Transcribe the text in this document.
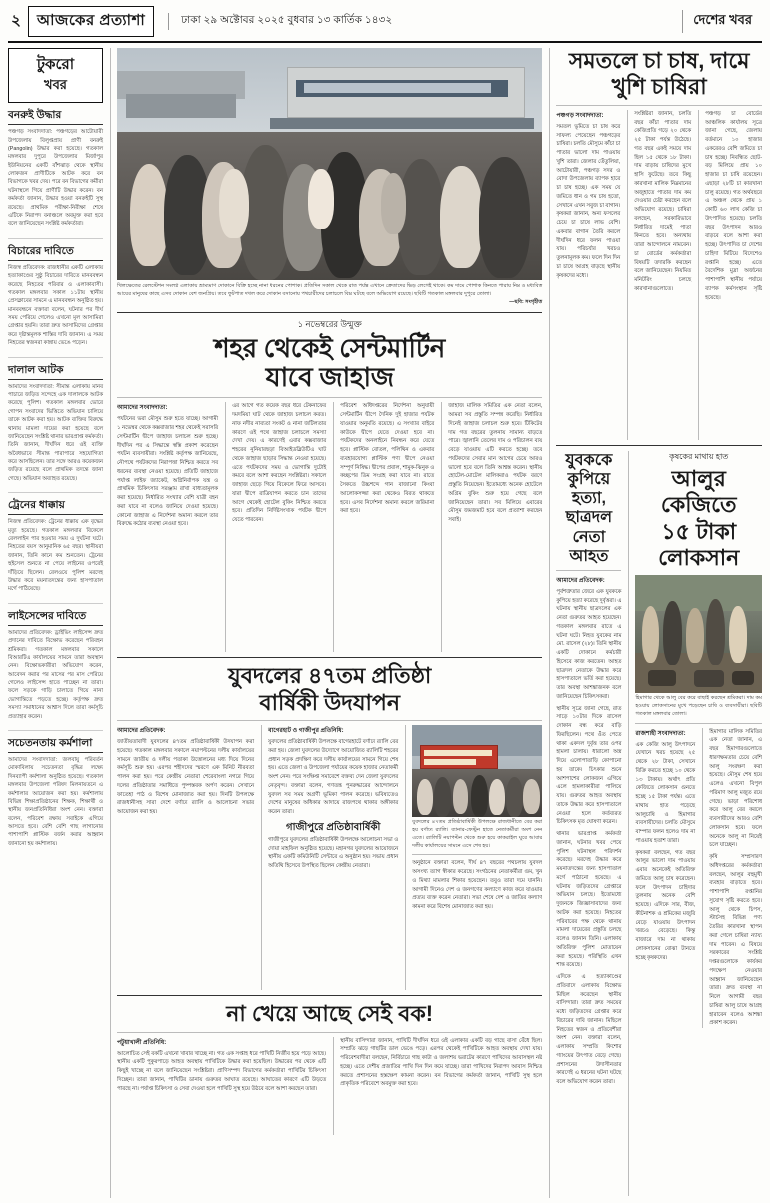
২	আজকের প্রত্যাশা	ঢাকা ২৯ অক্টোবর ২০২৫ বুধবার ১৩ কার্তিক ১৪৩২	দেশের খবর
টুকরো
খবর
বনরুই উদ্ধার
পঞ্চগড় সংবাদদাতা: পঞ্চগড়ের আটোয়ারী উপজেলায় বিলুপ্তপ্রায় প্রাণী বনরুই (Pangolin) উদ্ধার করা হয়েছে। গতকাল মঙ্গলবার দুপুরে উপজেলার মির্জাপুর ইউনিয়নের একটি বাঁশঝাড় থেকে স্থানীয় লোকজন প্রাণীটিকে আটক করে বন বিভাগকে খবর দেয়। পরে বন বিভাগের কর্মীরা ঘটনাস্থলে গিয়ে প্রাণীটি উদ্ধার করেন। বন কর্মকর্তা জানান, উদ্ধার হওয়া বনরুইটি সুস্থ রয়েছে। প্রাথমিক পরীক্ষা-নিরীক্ষা শেষে এটিকে নিরাপদ বনাঞ্চলে অবমুক্ত করা হবে বলে জানিয়েছেন সংশ্লিষ্ট কর্মকর্তারা।
বিচারের দাবিতে
নিজস্ব প্রতিবেদক: রাজধানীর একটি এলাকায় হত্যাকাণ্ডের সুষ্ঠু বিচারের দাবিতে মানববন্ধন করেছে নিহতের পরিবার ও এলাকাবাসী। গতকাল মঙ্গলবার সকাল ১১টায় স্থানীয় প্রেসক্লাবের সামনে এ মানববন্ধন অনুষ্ঠিত হয়। মানববন্ধনে বক্তারা বলেন, ঘটনার পর দীর্ঘ সময় পেরিয়ে গেলেও এখনো মূল আসামিরা গ্রেপ্তার হয়নি। তারা দ্রুত আসামিদের গ্রেপ্তার করে দৃষ্টান্তমূলক শাস্তির দাবি জানান। এ সময় নিহতের স্বজনরা কান্নায় ভেঙে পড়েন।
দালাল আটক
আমাদের সংবাদদাতা: সীমান্ত এলাকায় মানব পাচারে জড়িত সন্দেহে এক দালালকে আটক করেছে পুলিশ। গতকাল মঙ্গলবার ভোরে গোপন সংবাদের ভিত্তিতে অভিযান চালিয়ে তাকে আটক করা হয়। আটক ব্যক্তির বিরুদ্ধে থানায় মামলা দায়ের করা হয়েছে বলে জানিয়েছেন সংশ্লিষ্ট থানার ভারপ্রাপ্ত কর্মকর্তা। তিনি জানান, দীর্ঘদিন ধরে ওই ব্যক্তি অবৈধভাবে সীমান্ত পারাপারে সহযোগিতা করে আসছিলেন। তার সঙ্গে আরও কয়েকজন জড়িত রয়েছে বলে প্রাথমিক তদন্তে জানা গেছে। অভিযান অব্যাহত রয়েছে।
ট্রেনের ধাক্কায়
নিজস্ব প্রতিবেদক: ট্রেনের ধাক্কায় এক বৃদ্ধের মৃত্যু হয়েছে। গতকাল মঙ্গলবার বিকেলে রেললাইন পার হওয়ার সময় এ দুর্ঘটনা ঘটে। নিহতের বয়স আনুমানিক ৬৫ বছর। স্থানীয়রা জানান, তিনি কানে কম শুনতেন। ট্রেনের হুইসেল শুনতে না পেয়ে লাইনের ওপরেই দাঁড়িয়ে ছিলেন। রেলওয়ে পুলিশ মরদেহ উদ্ধার করে ময়নাতদন্তের জন্য হাসপাতাল মর্গে পাঠিয়েছে।
লাইসেন্সের দাবিতে
আমাদের প্রতিবেদক: ড্রাইভিং লাইসেন্স দ্রুত প্রদানের দাবিতে বিক্ষোভ করেছেন পরিবহন শ্রমিকরা। গতকাল মঙ্গলবার সকালে বিআরটিএ কার্যালয়ের সামনে তারা অবস্থান নেন। বিক্ষোভকারীরা অভিযোগ করেন, আবেদন করার পর মাসের পর মাস পেরিয়ে গেলেও লাইসেন্স হাতে পাচ্ছেন না তারা। ফলে সড়কে গাড়ি চালাতে গিয়ে নানা ভোগান্তিতে পড়তে হচ্ছে। কর্তৃপক্ষ দ্রুত সমস্যা সমাধানের আশ্বাস দিলে তারা কর্মসূচি প্রত্যাহার করেন।
সচেতনতায় কর্মশালা
আমাদের সংবাদদাতা: জলবায়ু পরিবর্তন মোকাবিলায় সচেতনতা বৃদ্ধির লক্ষ্যে দিনব্যাপী কর্মশালা অনুষ্ঠিত হয়েছে। গতকাল মঙ্গলবার উপজেলা পরিষদ মিলনায়তনে এ কর্মশালার আয়োজন করা হয়। কর্মশালায় বিভিন্ন শিক্ষাপ্রতিষ্ঠানের শিক্ষক, শিক্ষার্থী ও স্থানীয় জনপ্রতিনিধিরা অংশ নেন। বক্তারা বলেন, পরিবেশ রক্ষায় সবাইকে এগিয়ে আসতে হবে। বেশি বেশি গাছ লাগানোর পাশাপাশি প্লাস্টিক বর্জন করার আহ্বান জানানো হয় কর্মশালায়।
খিলক্ষেতের রেলস্টেশন সংলগ্ন এলাকায় ভ্রাম্যমাণ দোকানে বিক্রি হচ্ছে নানা ধরনের পোশাক। প্রতিদিন সকাল থেকে রাত পর্যন্ত এখানে ক্রেতাদের ভিড় লেগেই থাকে। কম দামে পোশাক কিনতে পারায় নিম্ন ও মধ্যবিত্ত আয়ের মানুষের কাছে এসব দোকান বেশ জনপ্রিয়। তবে ফুটপাত দখল করে দোকান বসানোয় পথচারীদের চলাচলে বিঘ্ন ঘটছে বলে অভিযোগ রয়েছে। ছবিটি গতকাল মঙ্গলবার দুপুরে তোলা।
—ছবি: সংগৃহীত
১ নভেম্বরের উন্মুক্ত
শহর থেকেই সেন্টমার্টিন
যাবে জাহাজ
আমাদের সংবাদদাতা:
পর্যটনের ভরা মৌসুম শুরু হতে যাচ্ছে। আগামী ১ নভেম্বর থেকে কক্সবাজার শহর থেকেই সরাসরি সেন্টমার্টিন দ্বীপে জাহাজ চলাচল শুরু হচ্ছে। দীর্ঘদিন পর এ সিদ্ধান্তে স্বস্তি প্রকাশ করেছেন পর্যটন ব্যবসায়ীরা। সংশ্লিষ্ট কর্তৃপক্ষ জানিয়েছে, নৌপথে পর্যটকদের নিরাপত্তা নিশ্চিত করতে সব ধরনের ব্যবস্থা নেওয়া হয়েছে। প্রতিটি জাহাজে পর্যাপ্ত লাইফ জ্যাকেট, অগ্নিনির্বাপক যন্ত্র ও প্রাথমিক চিকিৎসার সরঞ্জাম রাখা বাধ্যতামূলক করা হয়েছে। নির্ধারিত সংখ্যার বেশি যাত্রী বহন করা যাবে না বলেও জানিয়ে দেওয়া হয়েছে। কোনো জাহাজ এ নির্দেশনা অমান্য করলে তার বিরুদ্ধে কঠোর ব্যবস্থা নেওয়া হবে।
এর আগে গত কয়েক বছর ধরে টেকনাফের দমদমিয়া ঘাট থেকে জাহাজ চলাচল করত। নাফ নদীর নাব্যতা সংকট ও নানা জটিলতার কারণে ওই পথে জাহাজ চলাচলে সমস্যা দেখা দেয়। এ কারণেই এবার কক্সবাজার শহরের নুনিয়ারছড়া বিআইডব্লিউটিএ ঘাট থেকে জাহাজ ছাড়ার সিদ্ধান্ত নেওয়া হয়েছে। এতে পর্যটকদের সময় ও ভোগান্তি দুটোই কমবে বলে আশা করছেন সংশ্লিষ্টরা। সকালে জাহাজ ছেড়ে গিয়ে বিকেলে ফিরে আসবে। যারা দ্বীপে রাত্রিযাপন করতে চান তাদের আগে থেকেই হোটেল বুকিং নিশ্চিত করতে হবে। প্রতিদিন নির্দিষ্টসংখ্যক পর্যটক দ্বীপে যেতে পারবেন।
পরিবেশ অধিদপ্তরের নির্দেশনা অনুযায়ী সেন্টমার্টিন দ্বীপে দৈনিক দুই হাজার পর্যটক যাওয়ার অনুমতি রয়েছে। এ সংখ্যার বাইরে কাউকে দ্বীপে যেতে দেওয়া হবে না। পর্যটকদের অনলাইনে নিবন্ধন করে যেতে হবে। প্লাস্টিক বোতল, পলিথিন ও একবার ব্যবহারযোগ্য প্লাস্টিক পণ্য দ্বীপে নেওয়া সম্পূর্ণ নিষিদ্ধ। দ্বীপের প্রবাল, শামুক-ঝিনুক ও কচ্ছপের ডিম সংগ্রহ করা যাবে না। রাতে সৈকতে উচ্চশব্দে গান বাজানো কিংবা আলোকসজ্জা করা থেকেও বিরত থাকতে হবে। এসব নির্দেশনা অমান্য করলে জরিমানা করা হবে।
জাহাজ মালিক সমিতির এক নেতা বলেন, আমরা সব প্রস্তুতি সম্পন্ন করেছি। নির্ধারিত দিনেই জাহাজ চলাচল শুরু হবে। টিকিটের দাম গত বছরের তুলনায় সামান্য বাড়তে পারে। জ্বালানি তেলের দাম ও পরিচালন ব্যয় বেড়ে যাওয়ায় এটি করতে হচ্ছে। তবে পর্যটকদের সেবার মান আগের চেয়ে আরও ভালো হবে বলে তিনি আশ্বস্ত করেন। স্থানীয় হোটেল-মোটেল মালিকরাও পর্যটক বরণে প্রস্তুতি নিয়েছেন। ইতোমধ্যে অনেক হোটেলে অগ্রিম বুকিং শুরু হয়ে গেছে বলে জানিয়েছেন তারা। সব মিলিয়ে এবারের মৌসুম জমজমাট হবে বলে প্রত্যাশা করছেন সবাই।
যুবদলের ৪৭তম প্রতিষ্ঠা
বার্ষিকী উদযাপন
আমাদের প্রতিবেদক:
জাতীয়তাবাদী যুবদলের ৪৭তম প্রতিষ্ঠাবার্ষিকী উদযাপন করা হয়েছে। গতকাল মঙ্গলবার সকালে নয়াপল্টনের দলীয় কার্যালয়ের সামনে জাতীয় ও দলীয় পতাকা উত্তোলনের মধ্য দিয়ে দিনের কর্মসূচি শুরু হয়। এরপর শহীদদের স্মরণে এক মিনিট নীরবতা পালন করা হয়। পরে কেন্দ্রীয় নেতারা শেরেবাংলা নগরে গিয়ে দলের প্রতিষ্ঠাতার সমাধিতে পুষ্পস্তবক অর্পণ করেন। সেখানে ফাতেহা পাঠ ও বিশেষ মোনাজাত করা হয়। দিনটি উপলক্ষে রাজধানীসহ সারা দেশে বর্ণাঢ্য র‍্যালি ও আলোচনা সভার আয়োজন করা হয়।
বাগেরহাট ও গাজীপুর প্রতিনিধি:
যুবদলের প্রতিষ্ঠাবার্ষিকী উপলক্ষে বাগেরহাটে বর্ণাঢ্য র‍্যালি বের করা হয়। জেলা যুবদলের উদ্যোগে আয়োজিত র‍্যালিটি শহরের প্রধান সড়ক প্রদক্ষিণ করে দলীয় কার্যালয়ের সামনে গিয়ে শেষ হয়। এতে জেলা ও উপজেলা পর্যায়ের কয়েক হাজার নেতাকর্মী অংশ নেন। পরে সংক্ষিপ্ত সমাবেশে বক্তব্য দেন জেলা যুবদলের নেতৃবৃন্দ। বক্তারা বলেন, গণতন্ত্র পুনরুদ্ধারের আন্দোলনে যুবদল সব সময় অগ্রণী ভূমিকা পালন করেছে। ভবিষ্যতেও দেশের মানুষের অধিকার আদায়ে রাজপথে থাকার অঙ্গীকার করেন তারা।
গাজীপুরে প্রতিষ্ঠাবার্ষিকী
গাজীপুরে যুবদলের প্রতিষ্ঠাবার্ষিকী উপলক্ষে আলোচনা সভা ও দোয়া মাহফিল অনুষ্ঠিত হয়েছে। মহানগর যুবদলের আয়োজনে স্থানীয় একটি কমিউনিটি সেন্টারে এ অনুষ্ঠান হয়। সভায় প্রধান অতিথি হিসেবে উপস্থিত ছিলেন কেন্দ্রীয় নেতারা।
যুবদলের ৪৭তম প্রতিষ্ঠাবার্ষিকী উপলক্ষে রাজধানীতে বের করা হয় বর্ণাঢ্য র‍্যালি। ব্যানার-ফেস্টুন হাতে নেতাকর্মীরা অংশ নেন এতে। র‍্যালিটি নয়াপল্টন থেকে শুরু হয়ে কাকরাইল ঘুরে আবার দলীয় কার্যালয়ের সামনে এসে শেষ হয়।
অনুষ্ঠানে বক্তারা বলেন, দীর্ঘ ৪৭ বছরের পথচলায় যুবদল অসংখ্য ত্যাগ স্বীকার করেছে। সংগঠনের নেতাকর্মীরা গুম, খুন ও মিথ্যা মামলার শিকার হয়েছেন। তবুও তারা দমে যাননি। আগামী দিনেও দেশ ও জনগণের কল্যাণে কাজ করে যাওয়ার প্রত্যয় ব্যক্ত করেন নেতারা। সভা শেষে দেশ ও জাতির কল্যাণ কামনা করে বিশেষ মোনাজাত করা হয়।
না খেয়ে আছে সেই বক!
পটুয়াখালী প্রতিনিধি:
আলোচিত সেই বকটি এখনো খাবার খাচ্ছে না। গত এক সপ্তাহ ধরে পাখিটি নির্জীব হয়ে পড়ে আছে। স্থানীয় একটি পুকুরপাড়ে আহত অবস্থায় পাখিটিকে উদ্ধার করা হয়েছিল। উদ্ধারের পর থেকে এটি কিছুই খাচ্ছে না বলে জানিয়েছেন সংশ্লিষ্টরা। প্রাণিসম্পদ বিভাগের কর্মকর্তারা পাখিটির চিকিৎসা দিচ্ছেন। তারা জানান, পাখিটির ডানায় গুরুতর আঘাত রয়েছে। আঘাতের কারণে এটি উড়তে পারছে না। পর্যাপ্ত চিকিৎসা ও সেবা দেওয়া হলে পাখিটি সুস্থ হয়ে উঠবে বলে আশা করছেন তারা।
স্থানীয় বাসিন্দারা জানান, পাখিটি দীর্ঘদিন ধরে ওই এলাকার একটি বড় গাছে বাসা বেঁধে ছিল। সম্প্রতি ঝড়ে গাছটির ডাল ভেঙে পড়ে। এরপর থেকেই পাখিটিকে আহত অবস্থায় দেখা যায়। পরিবেশবাদীরা বলছেন, নির্বিচারে গাছ কাটা ও জলাশয় ভরাটের কারণে পাখিদের আবাসস্থল নষ্ট হচ্ছে। এতে দেশীয় প্রজাতির পাখি দিন দিন কমে যাচ্ছে। তারা পাখিদের নিরাপদ আবাস নিশ্চিত করতে প্রশাসনের হস্তক্ষেপ কামনা করেন। বন বিভাগের কর্মকর্তা জানান, পাখিটি সুস্থ হলে প্রাকৃতিক পরিবেশে অবমুক্ত করা হবে।
সমতলে চা চাষ, দামে
খুশি চাষিরা
পঞ্চগড় সংবাদদাতা:
সমতল ভূমিতে চা চাষ করে সাফল্য পেয়েছেন পঞ্চগড়ের চাষিরা। চলতি মৌসুমে কাঁচা চা পাতার ভালো দাম পাওয়ায় খুশি তারা। জেলার তেঁতুলিয়া, আটোয়ারী, পঞ্চগড় সদর ও বোদা উপজেলায় ব্যাপক হারে চা চাষ হচ্ছে। এক সময় যে জমিতে ধান ও গম চাষ হতো, সেখানে এখন সবুজ চা বাগান। কৃষকরা জানান, অন্য ফসলের চেয়ে চা চাষে লাভ বেশি। একবার বাগান তৈরি করলে দীর্ঘদিন ধরে ফলন পাওয়া যায়। পরিচর্যার খরচও তুলনামূলক কম। ফলে দিন দিন চা চাষে আগ্রহ বাড়ছে স্থানীয় কৃষকদের মধ্যে।
সংশ্লিষ্টরা জানান, চলতি বছর কাঁচা পাতার দাম কেজিপ্রতি গড়ে ২০ থেকে ২৫ টাকা পর্যন্ত উঠেছে। গত বছর একই সময়ে দাম ছিল ১৫ থেকে ১৮ টাকা। দাম বাড়ায় চাষিদের মুখে হাসি ফুটেছে। তবে কিছু কারখানা মালিক নিম্নমানের অজুহাতে পাতার দাম কম দেওয়ার চেষ্টা করছেন বলে অভিযোগ রয়েছে। চাষিরা বলছেন, সরকারিভাবে নির্ধারিত দামেই পাতা কিনতে হবে। অন্যথায় তারা আন্দোলনে নামবেন। চা বোর্ডের কর্মকর্তারা বিষয়টি তদারকি করছেন বলে জানিয়েছেন। নিয়মিত মনিটরিং চলছে কারখানাগুলোতে।
পঞ্চগড় চা বোর্ডের আঞ্চলিক কার্যালয় সূত্রে জানা গেছে, জেলায় বর্তমানে ১০ হাজার একরেরও বেশি জমিতে চা চাষ হচ্ছে। নিবন্ধিত ছোট-বড় মিলিয়ে প্রায় ১০ হাজার চা চাষি রয়েছেন। এছাড়া ২৮টি চা কারখানা চালু রয়েছে। গত অর্থবছরে এ অঞ্চল থেকে প্রায় ১ কোটি ৬০ লাখ কেজি চা উৎপাদিত হয়েছে। চলতি বছর উৎপাদন আরও বাড়বে বলে আশা করা হচ্ছে। উৎপাদিত চা দেশের চাহিদা মিটিয়ে বিদেশেও রপ্তানি হচ্ছে। এতে বৈদেশিক মুদ্রা অর্জনের পাশাপাশি স্থানীয় পর্যায়ে ব্যাপক কর্মসংস্থান সৃষ্টি হয়েছে।
যুবককে
কুপিয়ে হত্যা,
ছাত্রদল নেতা
আহত
আমাদের প্রতিবেদক:
পূর্বশত্রুতার জেরে এক যুবককে কুপিয়ে হত্যা করেছে দুর্বৃত্তরা। এ ঘটনায় স্থানীয় ছাত্রদলের এক নেতা গুরুতর আহত হয়েছেন। গতকাল মঙ্গলবার রাতে এ ঘটনা ঘটে। নিহত যুবকের নাম মো. রাসেল (২৮)। তিনি স্থানীয় একটি দোকানে কর্মচারী হিসেবে কাজ করতেন। আহত ছাত্রদল নেতাকে উদ্ধার করে হাসপাতালে ভর্তি করা হয়েছে। তার অবস্থা আশঙ্কাজনক বলে জানিয়েছেন চিকিৎসকরা।
স্থানীয় সূত্রে জানা গেছে, রাত সাড়ে ১০টার দিকে রাসেল দোকান বন্ধ করে বাড়ি ফিরছিলেন। পথে ওঁত পেতে থাকা একদল দুর্বৃত্ত তার ওপর হামলা চালায়। ধারালো অস্ত্র দিয়ে এলোপাতাড়ি কোপানো হয় তাকে। চিৎকার শুনে আশপাশের লোকজন এগিয়ে এলে হামলাকারীরা পালিয়ে যায়। গুরুতর আহত অবস্থায় তাকে উদ্ধার করে হাসপাতালে নেওয়া হলে কর্তব্যরত চিকিৎসক মৃত ঘোষণা করেন।
থানার ভারপ্রাপ্ত কর্মকর্তা জানান, ঘটনার খবর পেয়ে পুলিশ ঘটনাস্থল পরিদর্শন করেছে। মরদেহ উদ্ধার করে ময়নাতদন্তের জন্য হাসপাতাল মর্গে পাঠানো হয়েছে। এ ঘটনায় জড়িতদের গ্রেপ্তারে অভিযান চলছে। ইতোমধ্যে দুজনকে জিজ্ঞাসাবাদের জন্য আটক করা হয়েছে। নিহতের পরিবারের পক্ষ থেকে থানায় মামলা দায়েরের প্রস্তুতি চলছে বলেও জানান তিনি। এলাকায় অতিরিক্ত পুলিশ মোতায়েন করা হয়েছে। পরিস্থিতি এখন শান্ত রয়েছে।
এদিকে এ হত্যাকাণ্ডের প্রতিবাদে এলাকায় বিক্ষোভ মিছিল করেছেন স্থানীয় বাসিন্দারা। তারা দ্রুত সময়ের মধ্যে জড়িতদের গ্রেপ্তার করে বিচারের দাবি জানান। মিছিলে নিহতের স্বজন ও প্রতিবেশীরা অংশ নেন। বক্তারা বলেন, এলাকায় সম্প্রতি কিশোর গ্যাংয়ের উৎপাত বেড়ে গেছে। প্রশাসনের উদাসীনতার কারণেই এ ধরনের ঘটনা ঘটছে বলে অভিযোগ করেন তারা।
কৃষকের মাথায় হাত
আলুর কেজিতে
১৫ টাকা
লোকসান
হিমাগার থেকে আলু বের করে বাছাই করছেন শ্রমিকরা। দাম কম হওয়ায় লোকসানের মুখে পড়েছেন চাষি ও ব্যবসায়ীরা। ছবিটি গতকাল মঙ্গলবার তোলা।
রাজশাহী সংবাদদাতা:
এক কেজি আলু উৎপাদনে যেখানে খরচ হয়েছে ২৫ থেকে ২৮ টাকা, সেখানে বিক্রি করতে হচ্ছে ১০ থেকে ১৩ টাকায়। অর্থাৎ প্রতি কেজিতে লোকসান গুনতে হচ্ছে ১৫ টাকা পর্যন্ত। এতে মাথায় হাত পড়েছে আলুচাষি ও হিমাগার ব্যবসায়ীদের। চলতি মৌসুমে বাম্পার ফলন হলেও দাম না পাওয়ায় হতাশ তারা।
কৃষকরা বলছেন, গত বছর আলুর ভালো দাম পাওয়ায় এবার অনেকেই অতিরিক্ত জমিতে আলু চাষ করেছেন। ফলে উৎপাদন চাহিদার তুলনায় অনেক বেশি হয়েছে। এদিকে সার, বীজ, কীটনাশক ও শ্রমিকের মজুরি বেড়ে যাওয়ায় উৎপাদন খরচও বেড়েছে। কিন্তু বাজারে দাম না থাকায় লোকসানের বোঝা টানতে হচ্ছে কৃষকদের।
হিমাগার মালিক সমিতির এক নেতা জানান, এ বছর হিমাগারগুলোতে ধারণক্ষমতার চেয়ে বেশি আলু সংরক্ষণ করা হয়েছে। মৌসুম শেষ হয়ে এলেও এখনো বিপুল পরিমাণ আলু মজুত রয়ে গেছে। ভাড়া পরিশোধ করে আলু বের করলে ব্যবসায়ীদের আরও বেশি লোকসান হবে। ফলে অনেকে আলু না নিয়েই চলে যাচ্ছেন।
কৃষি সম্প্রসারণ অধিদপ্তরের কর্মকর্তারা বলছেন, আলুর বহুমুখী ব্যবহার বাড়াতে হবে। পাশাপাশি রপ্তানির সুযোগ সৃষ্টি করতে হবে। আলু থেকে চিপস, স্টার্চসহ বিভিন্ন পণ্য তৈরির কারখানা স্থাপন করা গেলে চাষিরা ন্যায্য দাম পাবেন। এ বিষয়ে সরকারের সংশ্লিষ্ট দপ্তরগুলোকে কার্যকর পদক্ষেপ নেওয়ার আহ্বান জানিয়েছেন তারা। দ্রুত ব্যবস্থা না নিলে আগামী বছর চাষিরা আলু চাষে আগ্রহ হারাবেন বলেও আশঙ্কা প্রকাশ করেন।
